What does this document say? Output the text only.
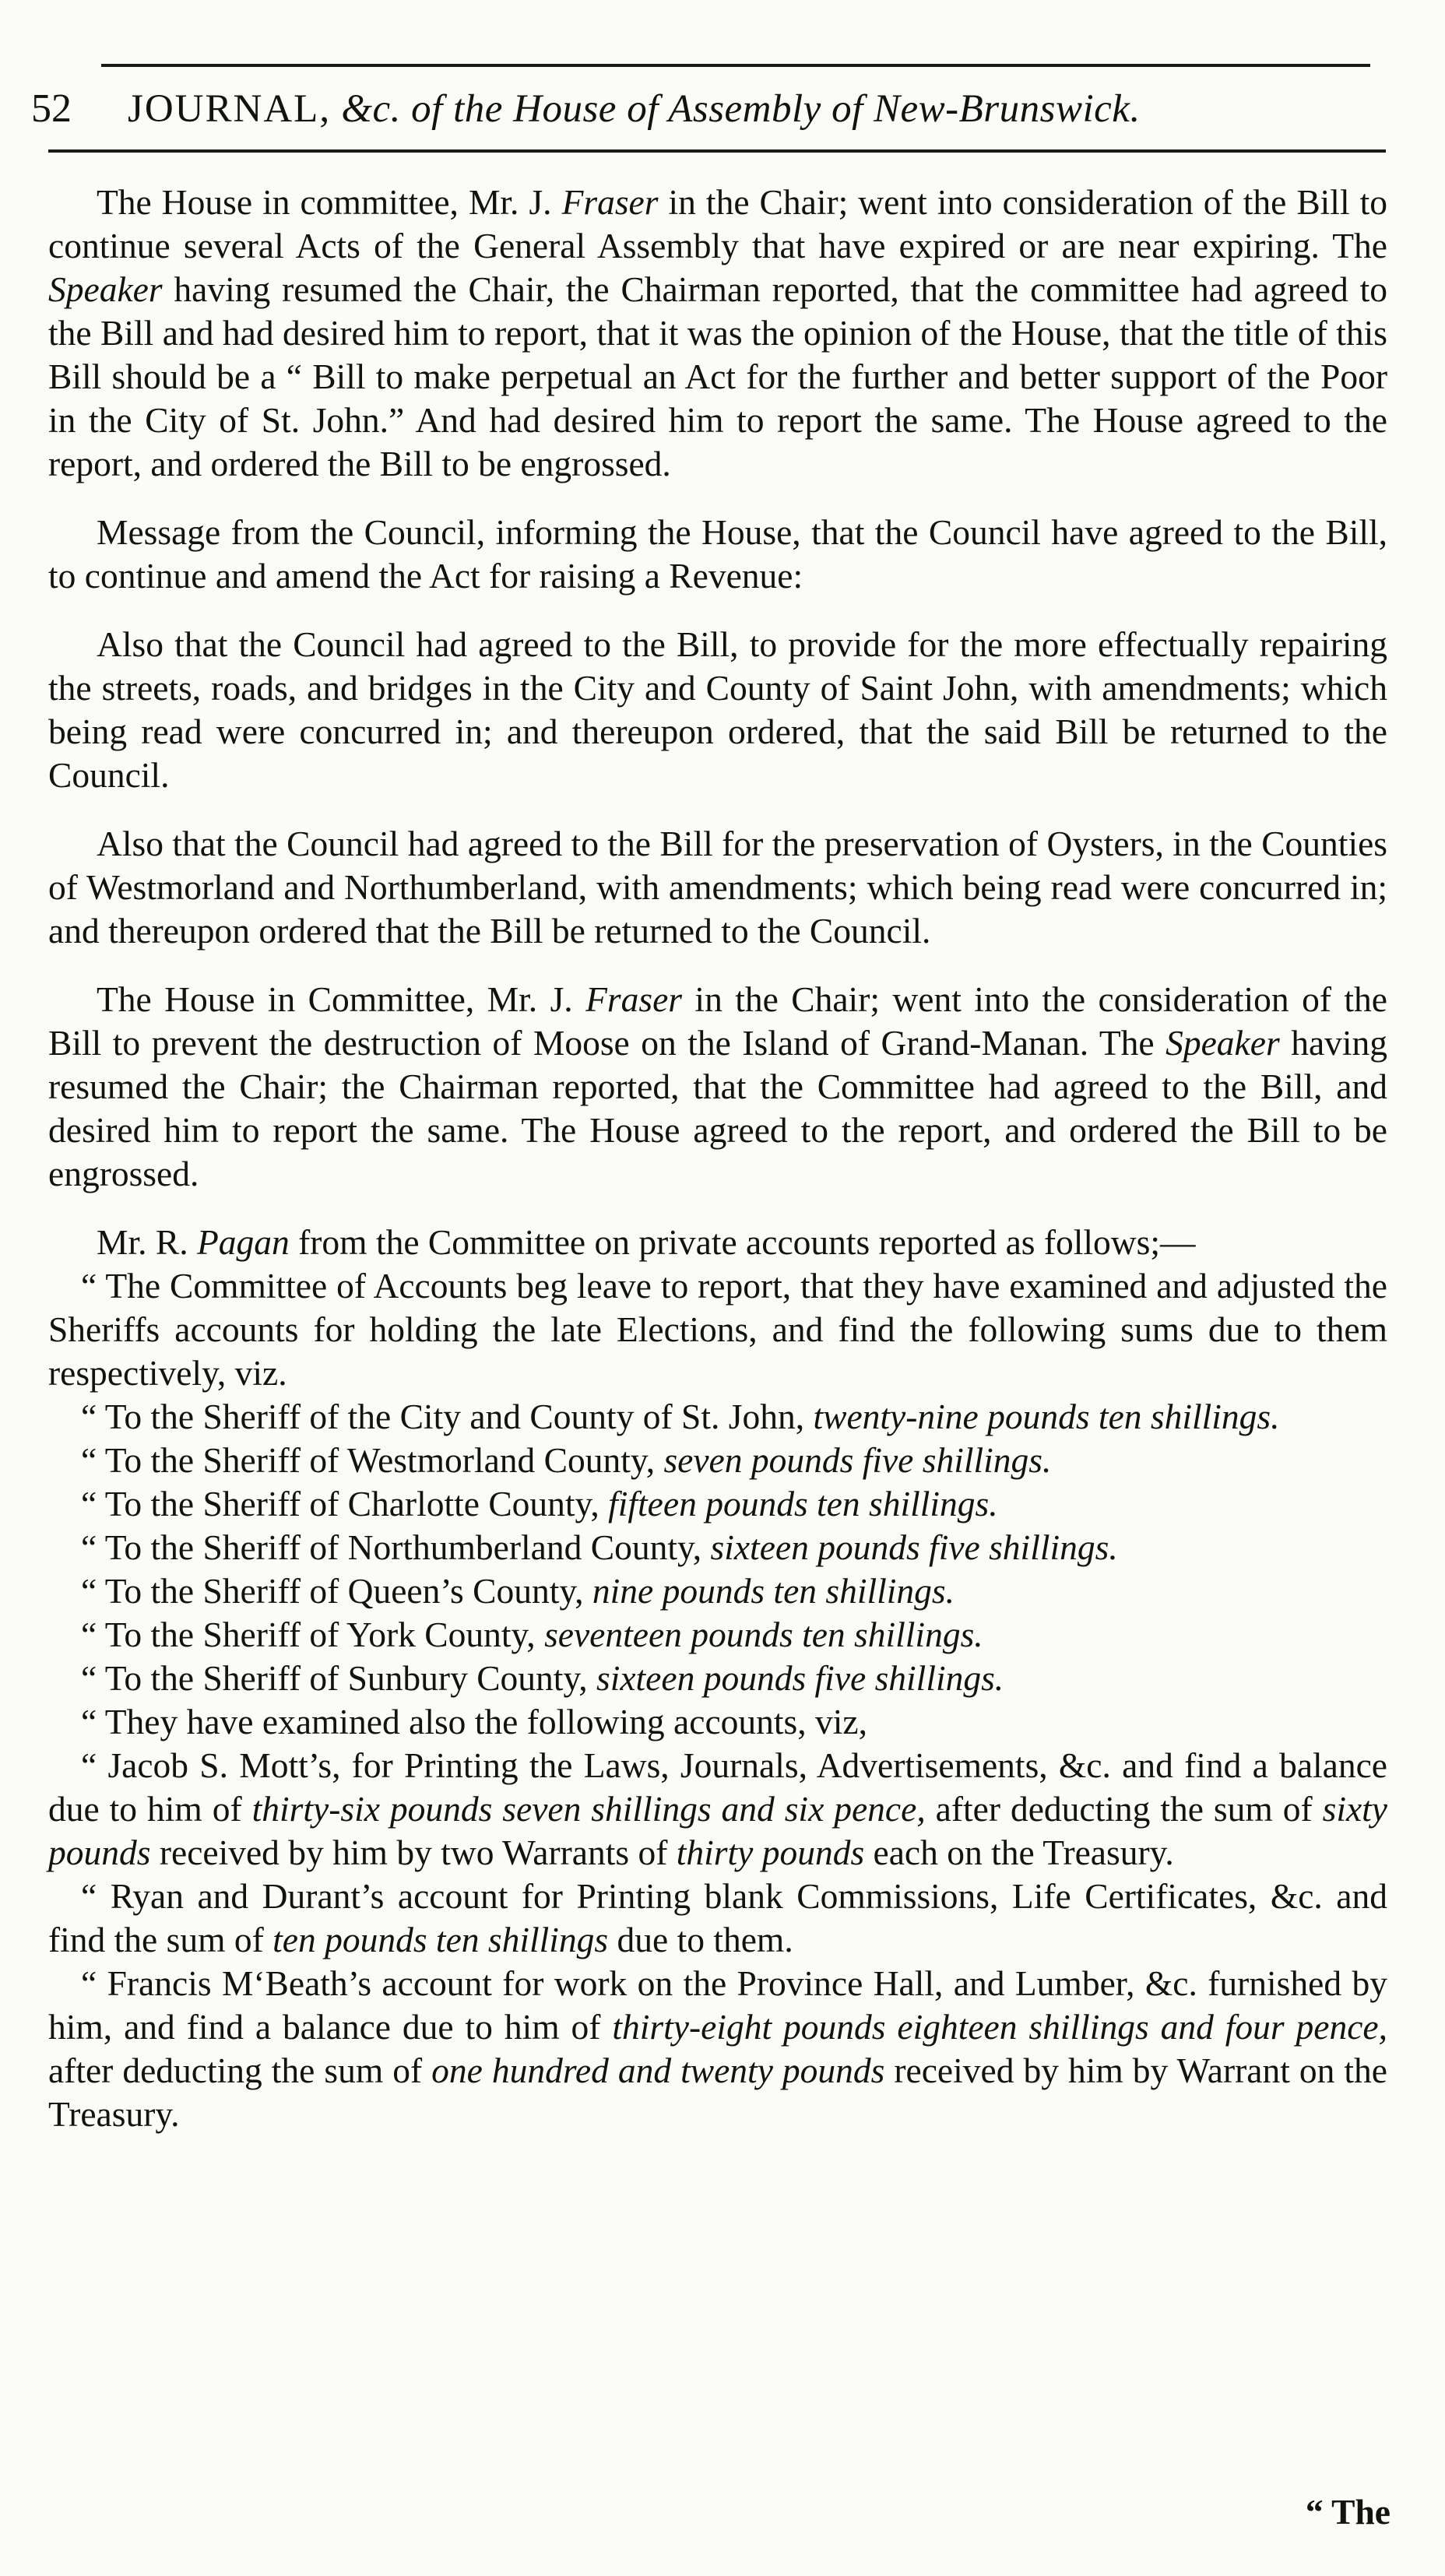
52	JOURNAL, &c. of the House of Assembly of New-Brunswick.

The House in committee, Mr. J. Fraser in the Chair; went into consideration of the Bill to continue several Acts of the General Assembly that have expired or are near expiring. The Speaker having resumed the Chair, the Chairman reported, that the committee had agreed to the Bill and had desired him to report, that it was the opinion of the House, that the title of this Bill should be a “ Bill to make perpetual an Act for the further and better support of the Poor in the City of St. John.” And had desired him to report the same. The House agreed to the report, and ordered the Bill to be engrossed.

Message from the Council, informing the House, that the Council have agreed to the Bill, to continue and amend the Act for raising a Revenue:

Also that the Council had agreed to the Bill, to provide for the more effectually repairing the streets, roads, and bridges in the City and County of Saint John, with amendments; which being read were concurred in; and thereupon ordered, that the said Bill be returned to the Council.

Also that the Council had agreed to the Bill for the preservation of Oysters, in the Counties of Westmorland and Northumberland, with amendments; which being read were concurred in; and thereupon ordered that the Bill be returned to the Council.

The House in Committee, Mr. J. Fraser in the Chair; went into the consideration of the Bill to prevent the destruction of Moose on the Island of Grand-Manan. The Speaker having resumed the Chair; the Chairman reported, that the Committee had agreed to the Bill, and desired him to report the same. The House agreed to the report, and ordered the Bill to be engrossed.

Mr. R. Pagan from the Committee on private accounts reported as follows;—

“ The Committee of Accounts beg leave to report, that they have examined and adjusted the Sheriffs accounts for holding the late Elections, and find the following sums due to them respectively, viz.

“ To the Sheriff of the City and County of St. John, twenty-nine pounds ten shillings.

“ To the Sheriff of Westmorland County, seven pounds five shillings.

“ To the Sheriff of Charlotte County, fifteen pounds ten shillings.

“ To the Sheriff of Northumberland County, sixteen pounds five shillings.

“ To the Sheriff of Queen’s County, nine pounds ten shillings.

“ To the Sheriff of York County, seventeen pounds ten shillings.

“ To the Sheriff of Sunbury County, sixteen pounds five shillings.

“ They have examined also the following accounts, viz,

“ Jacob S. Mott’s, for Printing the Laws, Journals, Advertisements, &c. and find a balance due to him of thirty-six pounds seven shillings and six pence, after deducting the sum of sixty pounds received by him by two Warrants of thirty pounds each on the Treasury.

“ Ryan and Durant’s account for Printing blank Commissions, Life Certificates, &c. and find the sum of ten pounds ten shillings due to them.

“ Francis M‘Beath’s account for work on the Province Hall, and Lumber, &c. furnished by him, and find a balance due to him of thirty-eight pounds eighteen shillings and four pence, after deducting the sum of one hundred and twenty pounds received by him by Warrant on the Treasury.

“ The
